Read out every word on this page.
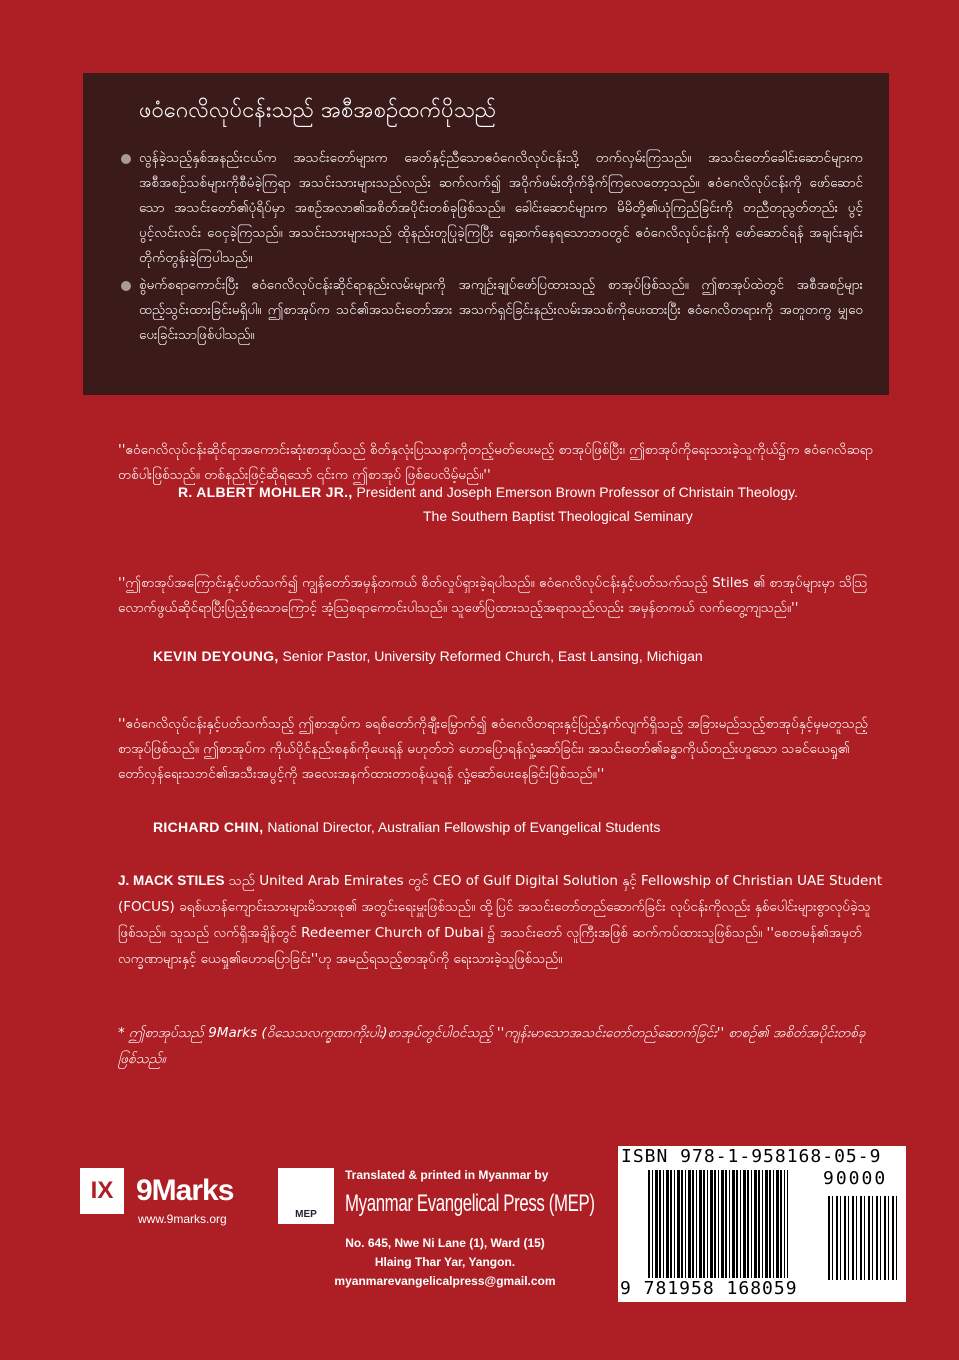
ဖဝံဂေလိလုပ်ငန်းသည် အစီအစဉ်ထက်ပိုသည်
လွန်ခဲ့သည့်နှစ်အနည်းငယ်က အသင်းတော်များက ခေတ်နှင့်ညီသောဧဝံဂေလိလုပ်ငန်းသို့ တက်လှမ်းကြသည်။ အသင်းတော်ခေါင်းဆောင်များက အစီအစဉ်သစ်များကိုစီမံခဲ့ကြရာ အသင်းသားများသည်လည်း ဆက်လက်၍ အဝိုက်ဖမ်းတိုက်ခိုက်ကြလေတော့သည်။ ဧဝံဂေလိလုပ်ငန်းကို ဖော်ဆောင်သော အသင်းတော်၏ပုံရိပ်မှာ အစဉ်အလာ၏အစိတ်အပိုင်းတစ်ခုဖြစ်သည်။ ခေါင်းဆောင်များက မိမိတို့၏ယုံကြည်ခြင်းကို တညီတညွတ်တည်း ပွင့်ပွင့်လင်းလင်း ဝေငှခဲ့ကြသည်။ အသင်းသားများသည် ထိုနည်းတူပြုခဲ့ကြပြီး ရှေ့ဆက်နေရသောဘဝတွင် ဧဝံဂေလိလုပ်ငန်းကို ဖော်ဆောင်ရန် အချင်းချင်း တိုက်တွန်းခဲ့ကြပါသည်။
စွဲမက်စရာကောင်းပြီး ဧဝံဂေလိလုပ်ငန်းဆိုင်ရာနည်းလမ်းများကို အကျဉ်းချုပ်ဖော်ပြထားသည့် စာအုပ်ဖြစ်သည်။ ဤစာအုပ်ထဲတွင် အစီအစဉ်များထည့်သွင်းထားခြင်းမရှိပါ။ ဤစာအုပ်က သင်၏အသင်းတော်အား အသက်ရှင်ခြင်းနည်းလမ်းအသစ်ကိုပေးထားပြီး ဧဝံဂေလိတရားကို အတူတကွ မျှဝေပေးခြင်းသာဖြစ်ပါသည်။
''ဧဝံဂေလိလုပ်ငန်းဆိုင်ရာအကောင်းဆုံးစာအုပ်သည် စိတ်နှလုံးပြဿနာကိုတည့်မတ်ပေးမည့် စာအုပ်ဖြစ်ပြီး၊ ဤစာအုပ်ကိုရေးသားခဲ့သူကိုယ်၌က ဧဝံဂေလိဆရာတစ်ပါးဖြစ်သည်။ တစ်နည်းဖြင့်ဆိုရသော် ၎င်းက ဤစာအုပ် ဖြစ်ပေလိမ့်မည်။''
R. ALBERT MOHLER JR., President and Joseph Emerson Brown Professor of Christain Theology.
The Southern Baptist Theological Seminary
''ဤစာအုပ်အကြောင်းနှင့်ပတ်သက်၍ ကျွန်တော်အမှန်တကယ် စိတ်လှုပ်ရှားခဲ့ရပါသည်။ ဧဝံဂေလိလုပ်ငန်းနှင့်ပတ်သက်သည့် Stiles ၏ စာအုပ်များမှာ သိသြလောက်ဖွယ်ဆိုင်ရာပြီးပြည့်စုံသောကြောင့် အံ့သြစရာကောင်းပါသည်။ သူဖော်ပြထားသည့်အရာသည်လည်း အမှန်တကယ် လက်တွေ့ကျသည်။''
KEVIN DEYOUNG, Senior Pastor, University Reformed Church, East Lansing, Michigan
''ဧဝံဂေလိလုပ်ငန်းနှင့်ပတ်သက်သည့် ဤစာအုပ်က ခရစ်တော်ကိုချီးမြှောက်၍ ဧဝံဂေလိတရားနှင့်ပြည့်နှက်လျက်ရှိသည့် အခြားမည်သည့်စာအုပ်နှင့်မှမတူသည့် စာအုပ်ဖြစ်သည်။ ဤစာအုပ်က ကိုယ်ပိုင်နည်းစနစ်ကိုပေးရန် မဟုတ်ဘဲ ဟောပြောရန်လှုံ့ဆော်ခြင်း၊ အသင်းတော်၏ခန္ဓာကိုယ်တည်းဟူသော သခင်ယေရှု၏ တော်လှန်ရေးသဘင်၏အသီးအပွင့်ကို အလေးအနက်ထားတာဝန်ယူရန် လှုံ့ဆော်ပေးနေခြင်းဖြစ်သည်။''
RICHARD CHIN, National Director, Australian Fellowship of Evangelical Students
J. MACK STILES သည် United Arab Emirates တွင် CEO of Gulf Digital Solution နှင့် Fellowship of Christian UAE Student (FOCUS) ခရစ်ယာန်ကျောင်းသားများမိသားစု၏ အတွင်းရေးမှူးဖြစ်သည်။ ထို့ပြင် အသင်းတော်တည်ဆောက်ခြင်း လုပ်ငန်းကိုလည်း နှစ်ပေါင်းများစွာလုပ်ခဲ့သူဖြစ်သည်။ သူသည် လက်ရှိအချိန်တွင် Redeemer Church of Dubai ၌ အသင်းတော် လူကြီးအဖြစ် ဆက်ကပ်ထားသူဖြစ်သည်။ ''စေတမန်၏အမှတ်လက္ခဏာများနှင့် ယေရှု၏ဟောပြောခြင်း''ဟု အမည်ရသည့်စာအုပ်ကို ရေးသားခဲ့သူဖြစ်သည်။
* ဤစာအုပ်သည် 9Marks (ဝိသေသလက္ခဏာကိုးပါး)စာအုပ်တွင်ပါဝင်သည့် ''ကျန်းမာသောအသင်းတော်တည်ဆောက်ခြင်း'' စာစဉ်၏ အစိတ်အပိုင်းတစ်ခုဖြစ်သည်။
IX 9Marks
www.9marks.org	MEP
Translated & printed in Myanmar by
Myanmar Evangelical Press (MEP)
No. 645, Nwe Ni Lane (1), Ward (15)
Hlaing Thar Yar, Yangon.
myanmarevangelicalpress@gmail.com
ISBN 978-1-958168-05-9
90000
9 781958 168059
